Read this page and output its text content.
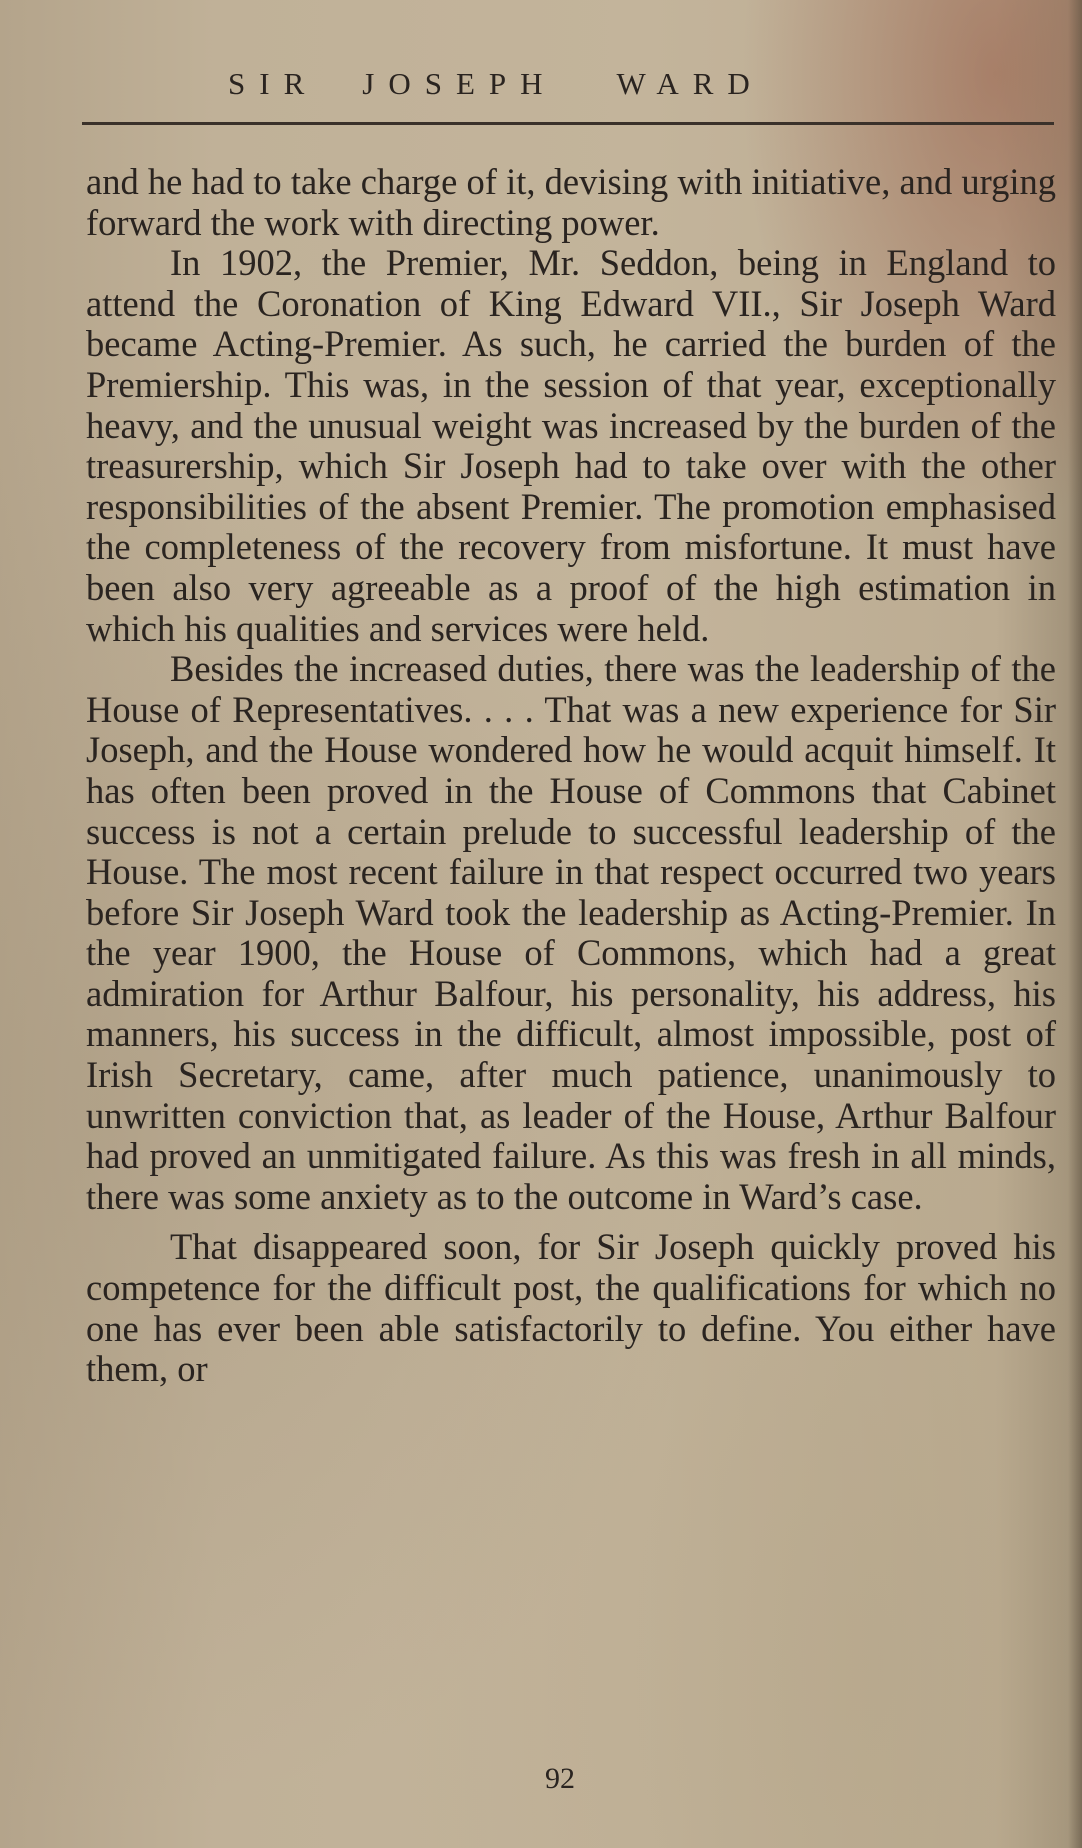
SIR JOSEPH WARD

and he had to take charge of it, devising with initiative, and urging forward the work with directing power.

In 1902, the Premier, Mr. Seddon, being in England to attend the Coronation of King Edward VII., Sir Joseph Ward became Acting-Premier. As such, he carried the burden of the Premiership. This was, in the session of that year, exceptionally heavy, and the unusual weight was increased by the burden of the treasurership, which Sir Joseph had to take over with the other responsibilities of the absent Premier. The promotion emphasised the completeness of the recovery from misfortune. It must have been also very agreeable as a proof of the high estimation in which his qualities and services were held.

Besides the increased duties, there was the leadership of the House of Representatives. . . . That was a new experience for Sir Joseph, and the House wondered how he would acquit himself. It has often been proved in the House of Commons that Cabinet success is not a certain prelude to successful leadership of the House. The most recent failure in that respect occurred two years before Sir Joseph Ward took the leadership as Acting-Premier. In the year 1900, the House of Commons, which had a great admiration for Arthur Balfour, his personality, his address, his manners, his success in the difficult, almost impossible, post of Irish Secretary, came, after much patience, unanimously to unwritten conviction that, as leader of the House, Arthur Balfour had proved an unmitigated failure. As this was fresh in all minds, there was some anxiety as to the outcome in Ward’s case.

That disappeared soon, for Sir Joseph quickly proved his competence for the difficult post, the qualifications for which no one has ever been able satisfactorily to define. You either have them, or

92
